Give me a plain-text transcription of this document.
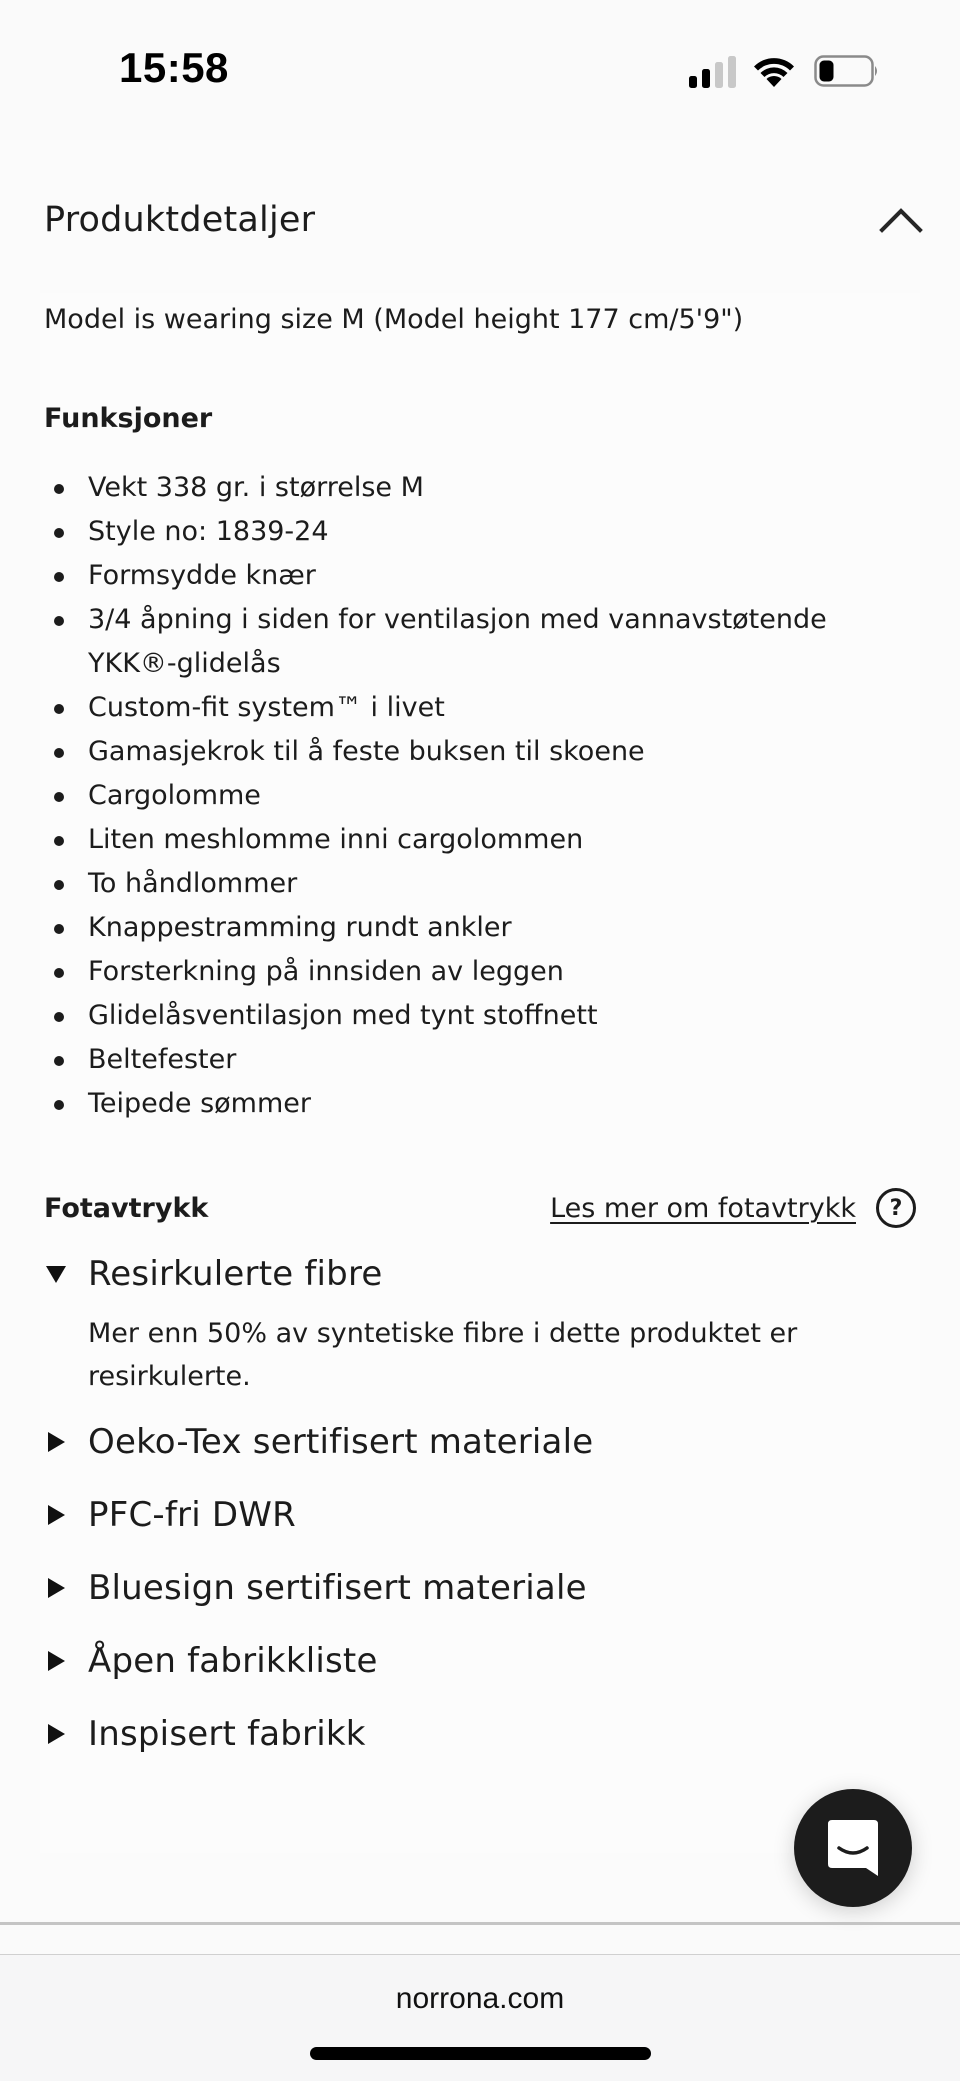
15:58
Produktdetaljer

Model is wearing size M (Model height 177 cm/5'9")

Funksjoner
Vekt 338 gr. i størrelse M
Style no: 1839-24
Formsydde knær
3/4 åpning i siden for ventilasjon med vannavstøtende YKK®-glidelås
Custom-fit system™ i livet
Gamasjekrok til å feste buksen til skoene
Cargolomme
Liten meshlomme inni cargolommen
To håndlommer
Knappestramming rundt ankler
Forsterkning på innsiden av leggen
Glidelåsventilasjon med tynt stoffnett
Beltefester
Teipede sømmer
Fotavtrykk	Les mer om fotavtrykk	?
Resirkulerte fibre

Mer enn 50% av syntetiske fibre i dette produktet er resirkulerte.

Oeko-Tex sertifisert materiale
PFC-fri DWR
Bluesign sertifisert materiale
Åpen fabrikkliste
Inspisert fabrikk
norrona.com
